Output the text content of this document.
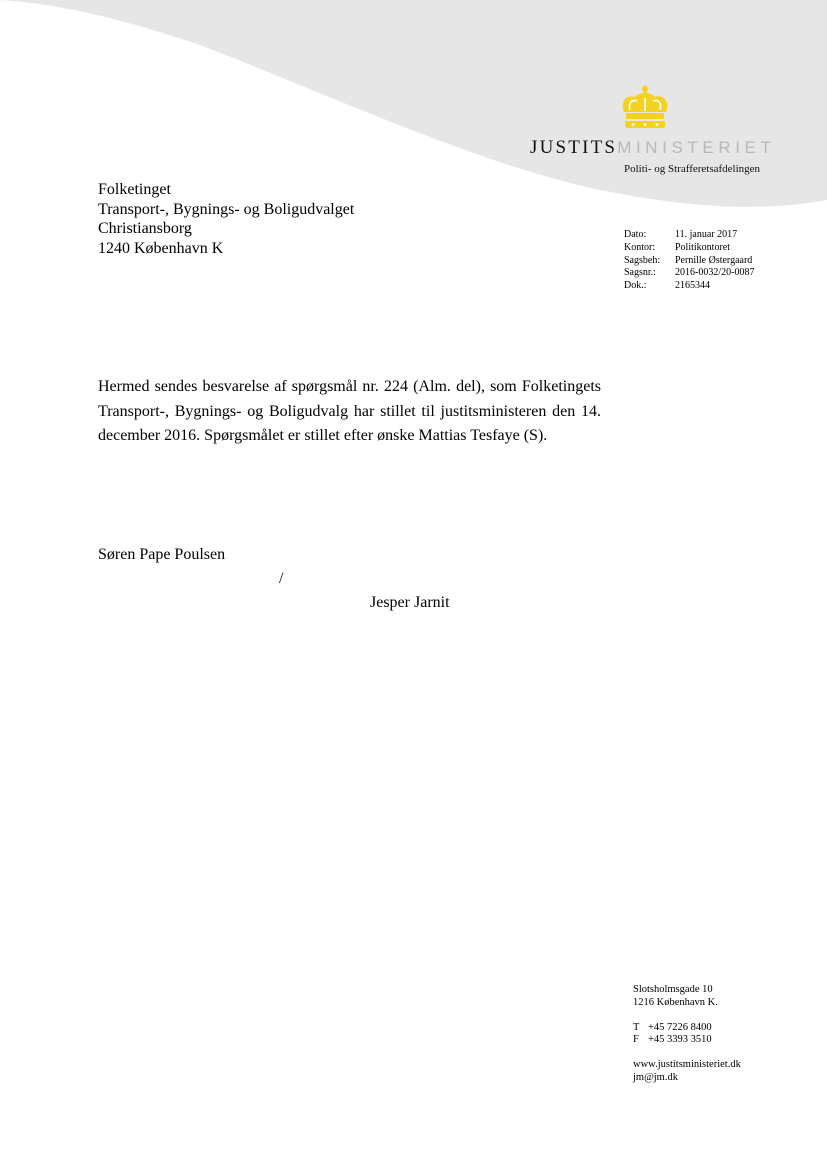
JUSTITSMINISTERIET
Politi- og Strafferetsafdelingen
Folketinget
Transport-, Bygnings- og Boligudvalget
Christiansborg
1240 København K
Dato:	11. januar 2017
Kontor:	Politikontoret
Sagsbeh:	Pernille Østergaard
Sagsnr.:	2016-0032/20-0087
Dok.:	2165344
Hermed sendes besvarelse af spørgsmål nr. 224 (Alm. del), som Folketingets Transport-, Bygnings- og Boligudvalg har stillet til justitsministeren den 14. december 2016. Spørgsmålet er stillet efter ønske Mattias Tesfaye (S).
Søren Pape Poulsen
/
Jesper Jarnit
Slotsholmsgade 10
1216 København K.
T +45 7226 8400
F +45 3393 3510
www.justitsministeriet.dk
jm@jm.dk
